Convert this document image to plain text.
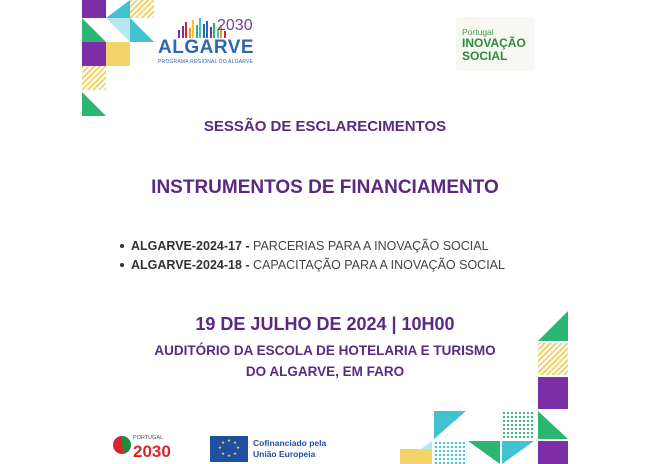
2030
ALGARVE
PROGRAMA REGIONAL DO ALGARVE
Portugal
INOVAÇÃO
SOCIAL
SESSÃO DE ESCLARECIMENTOS
INSTRUMENTOS DE FINANCIAMENTO
ALGARVE-2024-17 - PARCERIAS PARA A INOVAÇÃO SOCIAL
ALGARVE-2024-18 - CAPACITAÇÃO PARA A INOVAÇÃO SOCIAL
19 DE JULHO DE 2024 | 10H00
AUDITÓRIO DA ESCOLA DE HOTELARIA E TURISMO
DO ALGARVE, EM FARO
PORTUGAL
2030
★ ★
★
★
★
★
★
★	Cofinanciado pela
União Europeia
